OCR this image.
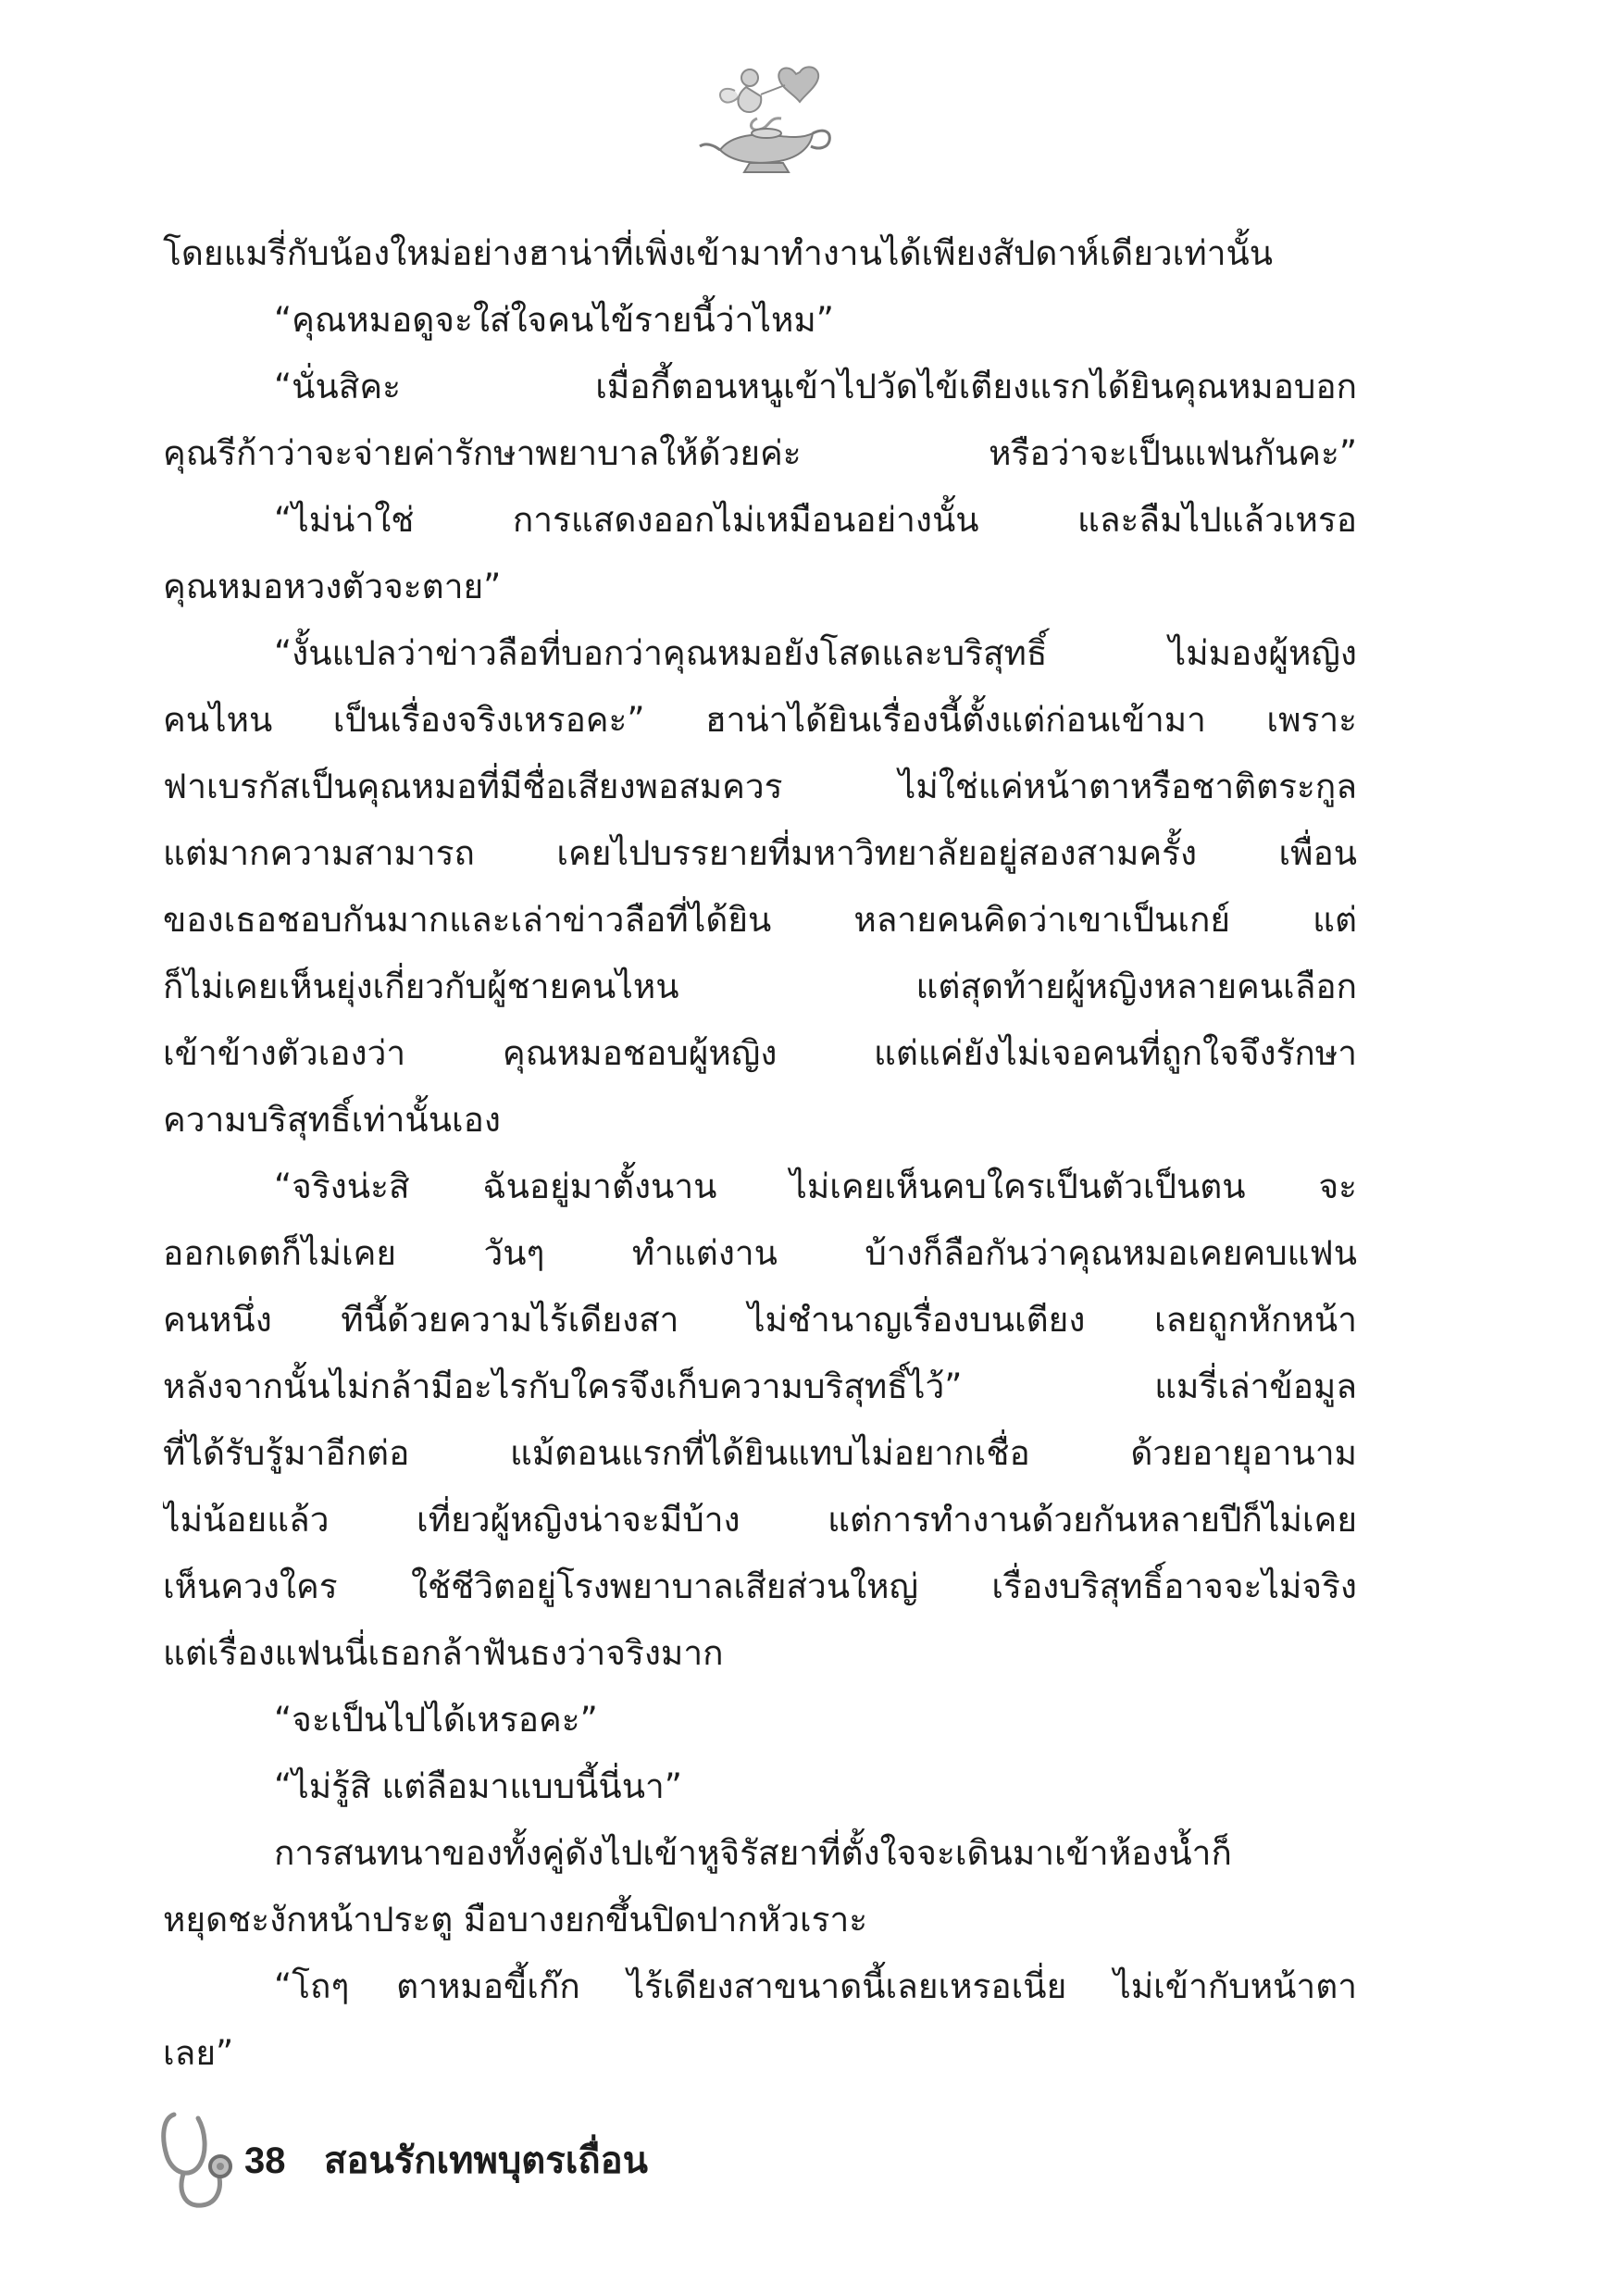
โดยแมรี่กับน้องใหม่อย่างฮาน่าที่เพิ่งเข้ามาทำงานได้เพียงสัปดาห์เดียวเท่านั้น
“คุณหมอดูจะใส่ใจคนไข้รายนี้ว่าไหม”
“นั่นสิคะ เมื่อกี้ตอนหนูเข้าไปวัดไข้เตียงแรกได้ยินคุณหมอบอก
คุณรีก้าว่าจะจ่ายค่ารักษาพยาบาลให้ด้วยค่ะ หรือว่าจะเป็นแฟนกันคะ”
“ไม่น่าใช่ การแสดงออกไม่เหมือนอย่างนั้น และลืมไปแล้วเหรอ
คุณหมอหวงตัวจะตาย”
“งั้นแปลว่าข่าวลือที่บอกว่าคุณหมอยังโสดและบริสุทธิ์ ไม่มองผู้หญิง
คนไหน เป็นเรื่องจริงเหรอคะ” ฮาน่าได้ยินเรื่องนี้ตั้งแต่ก่อนเข้ามา เพราะ
ฟาเบรกัสเป็นคุณหมอที่มีชื่อเสียงพอสมควร ไม่ใช่แค่หน้าตาหรือชาติตระกูล
แต่มากความสามารถ เคยไปบรรยายที่มหาวิทยาลัยอยู่สองสามครั้ง เพื่อน
ของเธอชอบกันมากและเล่าข่าวลือที่ได้ยิน หลายคนคิดว่าเขาเป็นเกย์ แต่
ก็ไม่เคยเห็นยุ่งเกี่ยวกับผู้ชายคนไหน แต่สุดท้ายผู้หญิงหลายคนเลือก
เข้าข้างตัวเองว่า คุณหมอชอบผู้หญิง แต่แค่ยังไม่เจอคนที่ถูกใจจึงรักษา
ความบริสุทธิ์เท่านั้นเอง
“จริงน่ะสิ ฉันอยู่มาตั้งนาน ไม่เคยเห็นคบใครเป็นตัวเป็นตน จะ
ออกเดตก็ไม่เคย วันๆ ทำแต่งาน บ้างก็ลือกันว่าคุณหมอเคยคบแฟน
คนหนึ่ง ทีนี้ด้วยความไร้เดียงสา ไม่ชำนาญเรื่องบนเตียง เลยถูกหักหน้า
หลังจากนั้นไม่กล้ามีอะไรกับใครจึงเก็บความบริสุทธิ์ไว้” แมรี่เล่าข้อมูล
ที่ได้รับรู้มาอีกต่อ แม้ตอนแรกที่ได้ยินแทบไม่อยากเชื่อ ด้วยอายุอานาม
ไม่น้อยแล้ว เที่ยวผู้หญิงน่าจะมีบ้าง แต่การทำงานด้วยกันหลายปีก็ไม่เคย
เห็นควงใคร ใช้ชีวิตอยู่โรงพยาบาลเสียส่วนใหญ่ เรื่องบริสุทธิ์อาจจะไม่จริง
แต่เรื่องแฟนนี่เธอกล้าฟันธงว่าจริงมาก
“จะเป็นไปได้เหรอคะ”
“ไม่รู้สิ แต่ลือมาแบบนี้นี่นา”
การสนทนาของทั้งคู่ดังไปเข้าหูจิรัสยาที่ตั้งใจจะเดินมาเข้าห้องน้ำก็
หยุดชะงักหน้าประตู มือบางยกขึ้นปิดปากหัวเราะ
“โถๆ ตาหมอขี้เก๊ก ไร้เดียงสาขนาดนี้เลยเหรอเนี่ย ไม่เข้ากับหน้าตา
เลย”
38 สอนรักเทพบุตรเถื่อน
